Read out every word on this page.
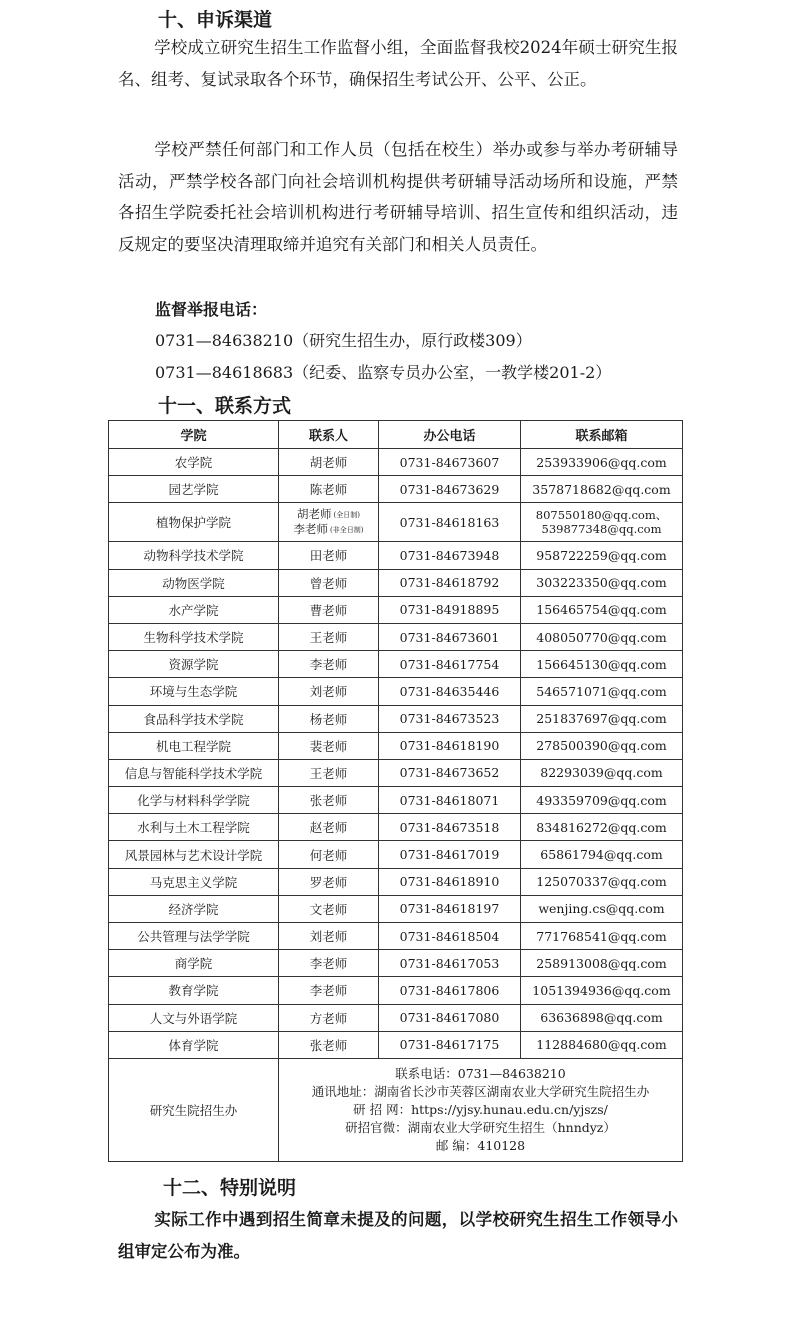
十、申诉渠道

学校成立研究生招生工作监督小组，全面监督我校2024年硕士研究生报名、组考、复试录取各个环节，确保招生考试公开、公平、公正。

学校严禁任何部门和工作人员（包括在校生）举办或参与举办考研辅导活动，严禁学校各部门向社会培训机构提供考研辅导活动场所和设施，严禁各招生学院委托社会培训机构进行考研辅导培训、招生宣传和组织活动，违反规定的要坚决清理取缔并追究有关部门和相关人员责任。

监督举报电话：
0731—84638210（研究生招生办，原行政楼309）
0731—84618683（纪委、监察专员办公室，一教学楼201-2）
十一、联系方式
学院	联系人	办公电话	联系邮箱
农学院	胡老师	0731-84673607	253933906@qq.com
园艺学院	陈老师	0731-84673629	3578718682@qq.com
植物保护学院	胡老师 (全日制)
李老师 (非全日制)	0731-84618163	807550180@qq.com、
539877348@qq.com
动物科学技术学院	田老师	0731-84673948	958722259@qq.com
动物医学院	曾老师	0731-84618792	303223350@qq.com
水产学院	曹老师	0731-84918895	156465754@qq.com
生物科学技术学院	王老师	0731-84673601	408050770@qq.com
资源学院	李老师	0731-84617754	156645130@qq.com
环境与生态学院	刘老师	0731-84635446	546571071@qq.com
食品科学技术学院	杨老师	0731-84673523	251837697@qq.com
机电工程学院	裴老师	0731-84618190	278500390@qq.com
信息与智能科学技术学院	王老师	0731-84673652	82293039@qq.com
化学与材料科学学院	张老师	0731-84618071	493359709@qq.com
水利与土木工程学院	赵老师	0731-84673518	834816272@qq.com
风景园林与艺术设计学院	何老师	0731-84617019	65861794@qq.com
马克思主义学院	罗老师	0731-84618910	125070337@qq.com
经济学院	文老师	0731-84618197	wenjing.cs@qq.com
公共管理与法学学院	刘老师	0731-84618504	771768541@qq.com
商学院	李老师	0731-84617053	258913008@qq.com
教育学院	李老师	0731-84617806	1051394936@qq.com
人文与外语学院	方老师	0731-84617080	63636898@qq.com
体育学院	张老师	0731-84617175	112884680@qq.com
研究生院招生办	联系电话：0731—84638210
通讯地址：湖南省长沙市芙蓉区湖南农业大学研究生院招生办
研 招 网：https://yjsy.hunau.edu.cn/yjszs/
研招官微：湖南农业大学研究生招生（hnndyz）
邮 编：410128		
十二、特别说明

实际工作中遇到招生简章未提及的问题，以学校研究生招生工作领导小组审定公布为准。
